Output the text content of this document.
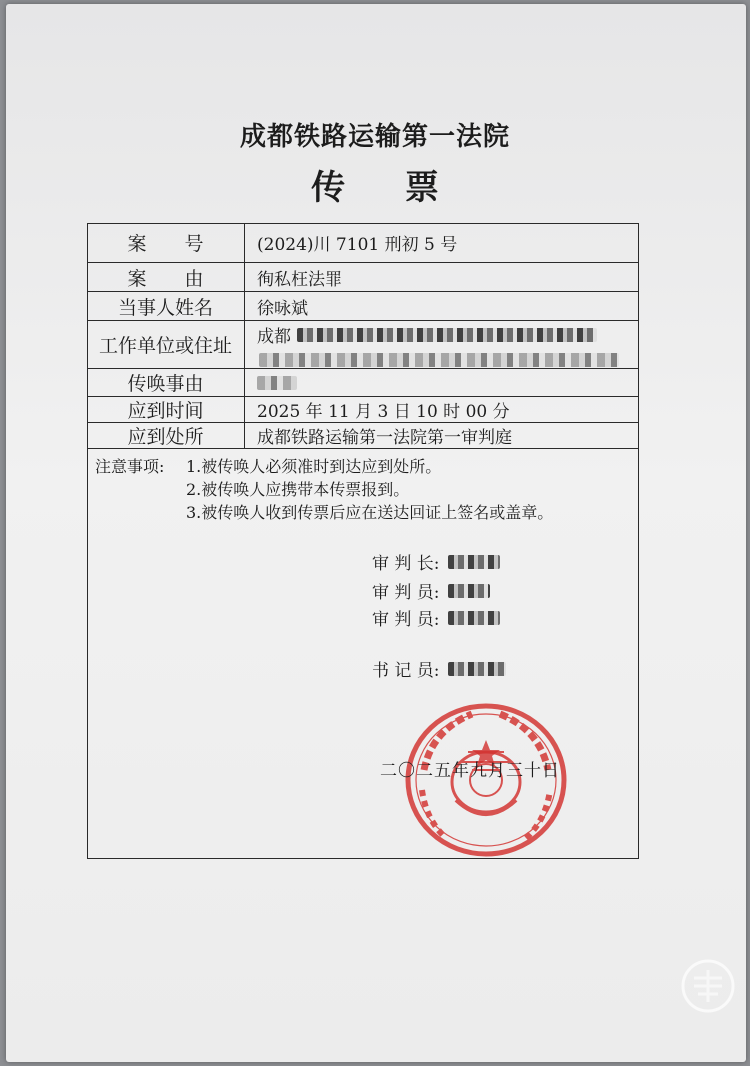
成都铁路运输第一法院
传 票
案 号	(2024)川 7101 刑初 5 号
案 由	徇私枉法罪
当事人姓名	徐咏斌
工作单位或住址	成都
传唤事由
应到时间	2025 年 11 月 3 日 10 时 00 分
应到处所	成都铁路运输第一法院第一审判庭
注意事项: 1.被传唤人必须准时到达应到处所。
2.被传唤人应携带本传票报到。
3.被传唤人收到传票后应在送达回证上签名或盖章。
审 判 长:
审 判 员:
审 判 员:
书 记 员:
二〇二五年九月三十日
